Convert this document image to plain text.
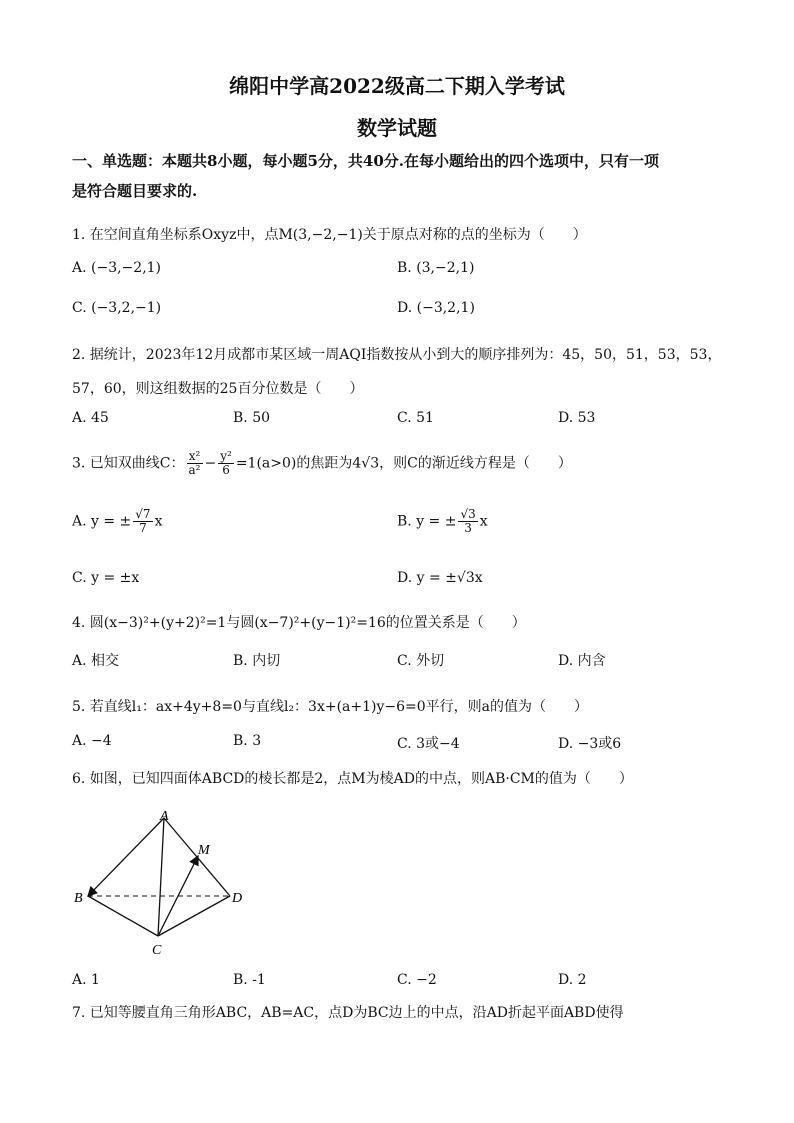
绵阳中学高2022级高二下期入学考试
数学试题
一、单选题：本题共8小题，每小题5分，共40分.在每小题给出的四个选项中，只有一项
是符合题目要求的.
1. 在空间直角坐标系Oxyz中，点M(3,−2,−1)关于原点对称的点的坐标为（　　）
A. (−3,−2,1)	B. (3,−2,1)
C. (−3,2,−1)	D. (−3,2,1)
2. 据统计，2023年12月成都市某区域一周AQI指数按从小到大的顺序排列为：45，50，51，53，53，
57，60，则这组数据的25百分位数是（　　）
A. 45	B. 50	C. 51	D. 53
3. 已知双曲线C： $\frac{\text{x²}}{\text{a²}} - \frac{\text{y²}}{6} =1(a>0)$的焦距为4√3，则C的渐近线方程是（　　）
A. y = ± $\frac{√7}{7}$ x	B. y = ± $\frac{√3}{3}$ x
C. y = ±x	D. y = ±√3x
4. 圆(x−3)²+(y+2)²=1与圆(x−7)²+(y−1)²=16的位置关系是（　　）
A. 相交	B. 内切	C. 外切	D. 内含
5. 若直线l₁：ax+4y+8=0与直线l₂：3x+(a+1)y−6=0平行，则a的值为（　　）
A. −4	B. 3	C. 3或−4	D. −3或6
6. 如图，已知四面体ABCD的棱长都是2，点M为棱AD的中点，则AB·CM的值为（　　）
A
B
C
D
M
A. 1	B. -1	C. −2	D. 2
7. 已知等腰直角三角形ABC，AB=AC，点D为BC边上的中点，沿AD折起平面ABD使得
